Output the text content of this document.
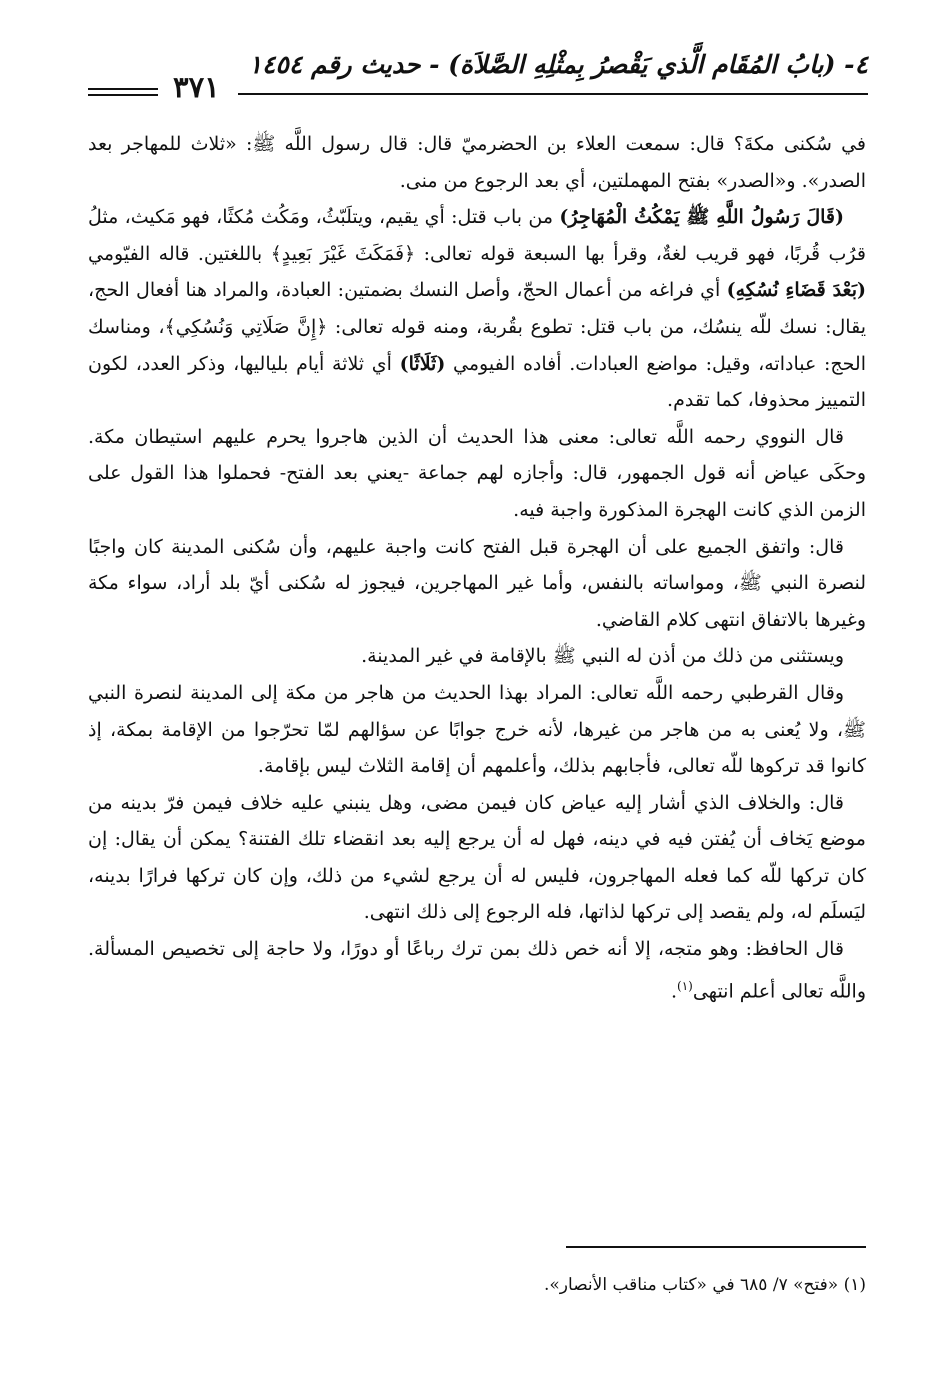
٤- (بابُ المُقَام الَّذي يَقْصرُ بِمثْلِهِ الصَّلاَة) - حديث رقم ١٤٥٤
٣٧١

في سُكنى مكةَ؟ قال: سمعت العلاء بن الحضرميّ قال: قال رسول اللَّه ﷺ: «ثلاث للمهاجر بعد الصدر». و«الصدر» بفتح المهملتين، أي بعد الرجوع من منى.

(قَالَ رَسُولُ اللَّهِ ﷺ يَمْكُثُ الْمُهَاجِرُ) من باب قتل: أي يقيم، ويتلَبّثُ، ومَكُث مُكثًا، فهو مَكيث، مثلُ قرُب قُربًا، فهو قريب لغةٌ، وقرأ بها السبعة قوله تعالى: ﴿فَمَكَثَ غَيْرَ بَعِيدٍ﴾ باللغتين. قاله الفيّومي (بَعْدَ قَضَاءِ نُسُكِهِ) أي فراغه من أعمال الحجّ، وأصل النسك بضمتين: العبادة، والمراد هنا أفعال الحج، يقال: نسك للّه ينسُك، من باب قتل: تطوع بقُربة، ومنه قوله تعالى: ﴿إِنَّ صَلَاتِي وَنُسُكِي﴾، ومناسك الحج: عباداته، وقيل: مواضع العبادات. أفاده الفيومي (ثَلَاثًا) أي ثلاثة أيام بلياليها، وذكر العدد، لكون التمييز محذوفا، كما تقدم.

قال النووي رحمه اللَّه تعالى: معنى هذا الحديث أن الذين هاجروا يحرم عليهم استيطان مكة. وحكَى عياض أنه قول الجمهور، قال: وأجازه لهم جماعة -يعني بعد الفتح- فحملوا هذا القول على الزمن الذي كانت الهجرة المذكورة واجبة فيه.

قال: واتفق الجميع على أن الهجرة قبل الفتح كانت واجبة عليهم، وأن سُكنى المدينة كان واجبًا لنصرة النبي ﷺ، ومواساته بالنفس، وأما غير المهاجرين، فيجوز له سُكنى أيّ بلد أراد، سواء مكة وغيرها بالاتفاق انتهى كلام القاضي.

ويستثنى من ذلك من أذن له النبي ﷺ بالإقامة في غير المدينة.

وقال القرطبي رحمه اللَّه تعالى: المراد بهذا الحديث من هاجر من مكة إلى المدينة لنصرة النبي ﷺ، ولا يُعنى به من هاجر من غيرها، لأنه خرج جوابًا عن سؤالهم لمّا تحرّجوا من الإقامة بمكة، إذ كانوا قد تركوها للّه تعالى، فأجابهم بذلك، وأعلمهم أن إقامة الثلاث ليس بإقامة.

قال: والخلاف الذي أشار إليه عياض كان فيمن مضى، وهل ينبني عليه خلاف فيمن فرّ بدينه من موضع يَخاف أن يُفتن فيه في دينه، فهل له أن يرجع إليه بعد انقضاء تلك الفتنة؟ يمكن أن يقال: إن كان تركها للّه كما فعله المهاجرون، فليس له أن يرجع لشيء من ذلك، وإن كان تركها فرارًا بدينه، ليَسلَم له، ولم يقصد إلى تركها لذاتها، فله الرجوع إلى ذلك انتهى.

قال الحافظ: وهو متجه، إلا أنه خص ذلك بمن ترك رباعًا أو دورًا، ولا حاجة إلى تخصيص المسألة. واللَّه تعالى أعلم انتهى$^{(١)}$.

(١) «فتح» ٧/ ٦٨٥ في «كتاب مناقب الأنصار».
